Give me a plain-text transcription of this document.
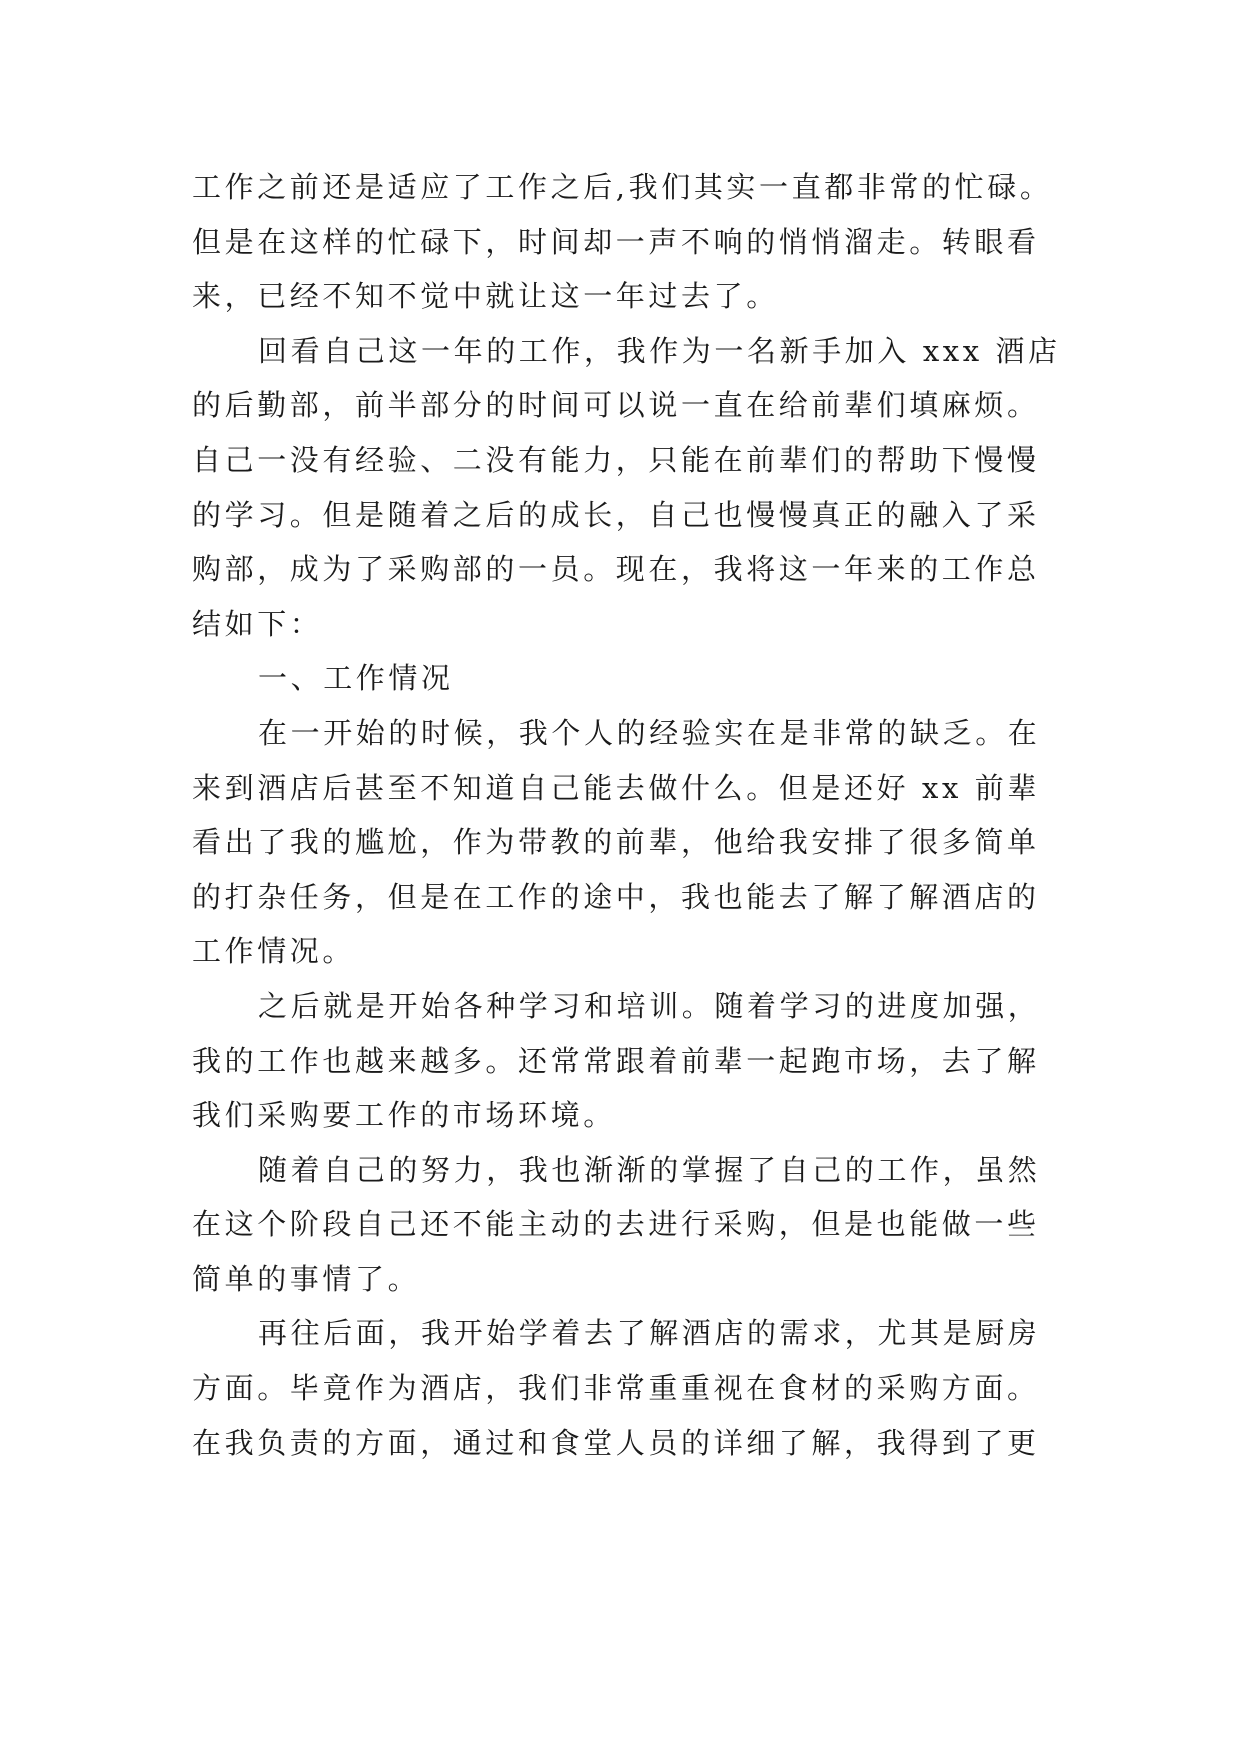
工作之前还是适应了工作之后,我们其实一直都非常的忙碌。
但是在这样的忙碌下，时间却一声不响的悄悄溜走。转眼看
来，已经不知不觉中就让这一年过去了。
回看自己这一年的工作，我作为一名新手加入 xxx 酒店
的后勤部，前半部分的时间可以说一直在给前辈们填麻烦。
自己一没有经验、二没有能力，只能在前辈们的帮助下慢慢
的学习。但是随着之后的成长，自己也慢慢真正的融入了采
购部，成为了采购部的一员。现在，我将这一年来的工作总
结如下：
一、工作情况
在一开始的时候，我个人的经验实在是非常的缺乏。在
来到酒店后甚至不知道自己能去做什么。但是还好 xx 前辈
看出了我的尴尬，作为带教的前辈，他给我安排了很多简单
的打杂任务，但是在工作的途中，我也能去了解了解酒店的
工作情况。
之后就是开始各种学习和培训。随着学习的进度加强，
我的工作也越来越多。还常常跟着前辈一起跑市场，去了解
我们采购要工作的市场环境。
随着自己的努力，我也渐渐的掌握了自己的工作，虽然
在这个阶段自己还不能主动的去进行采购，但是也能做一些
简单的事情了。
再往后面，我开始学着去了解酒店的需求，尤其是厨房
方面。毕竟作为酒店，我们非常重重视在食材的采购方面。
在我负责的方面，通过和食堂人员的详细了解，我得到了更
